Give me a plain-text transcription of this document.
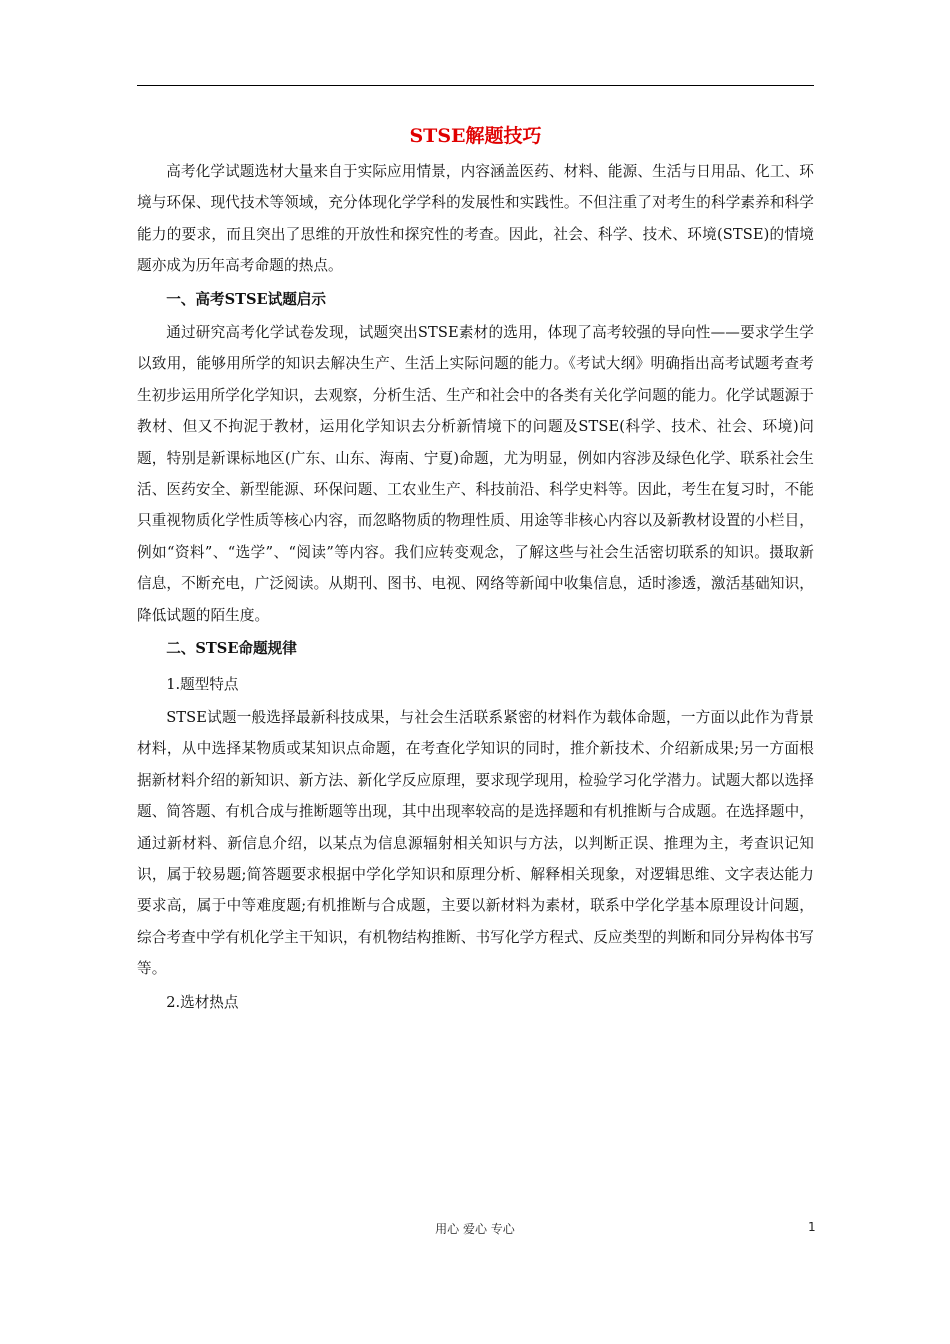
STSE解题技巧

高考化学试题选材大量来自于实际应用情景，内容涵盖医药、材料、能源、生活与日用品、化工、环境与环保、现代技术等领域，充分体现化学学科的发展性和实践性。不但注重了对考生的科学素养和科学能力的要求，而且突出了思维的开放性和探究性的考查。因此，社会、科学、技术、环境(STSE)的情境题亦成为历年高考命题的热点。

一、高考STSE试题启示

通过研究高考化学试卷发现，试题突出STSE素材的选用，体现了高考较强的导向性——要求学生学以致用，能够用所学的知识去解决生产、生活上实际问题的能力。《考试大纲》明确指出高考试题考查考生初步运用所学化学知识，去观察，分析生活、生产和社会中的各类有关化学问题的能力。化学试题源于教材、但又不拘泥于教材，运用化学知识去分析新情境下的问题及STSE(科学、技术、社会、环境)问题，特别是新课标地区(广东、山东、海南、宁夏)命题，尤为明显，例如内容涉及绿色化学、联系社会生活、医药安全、新型能源、环保问题、工农业生产、科技前沿、科学史料等。因此，考生在复习时，不能只重视物质化学性质等核心内容，而忽略物质的物理性质、用途等非核心内容以及新教材设置的小栏目，例如“资料”、“选学”、“阅读”等内容。我们应转变观念，了解这些与社会生活密切联系的知识。摄取新信息，不断充电，广泛阅读。从期刊、图书、电视、网络等新闻中收集信息，适时渗透，激活基础知识，降低试题的陌生度。

二、STSE命题规律

1.题型特点

STSE试题一般选择最新科技成果，与社会生活联系紧密的材料作为载体命题，一方面以此作为背景材料，从中选择某物质或某知识点命题，在考查化学知识的同时，推介新技术、介绍新成果;另一方面根据新材料介绍的新知识、新方法、新化学反应原理，要求现学现用，检验学习化学潜力。试题大都以选择题、简答题、有机合成与推断题等出现，其中出现率较高的是选择题和有机推断与合成题。在选择题中，通过新材料、新信息介绍，以某点为信息源辐射相关知识与方法，以判断正误、推理为主，考查识记知识，属于较易题;简答题要求根据中学化学知识和原理分析、解释相关现象，对逻辑思维、文字表达能力要求高，属于中等难度题;有机推断与合成题，主要以新材料为素材，联系中学化学基本原理设计问题，综合考查中学有机化学主干知识，有机物结构推断、书写化学方程式、反应类型的判断和同分异构体书写等。

2.选材热点

用心 爱心 专心	1
